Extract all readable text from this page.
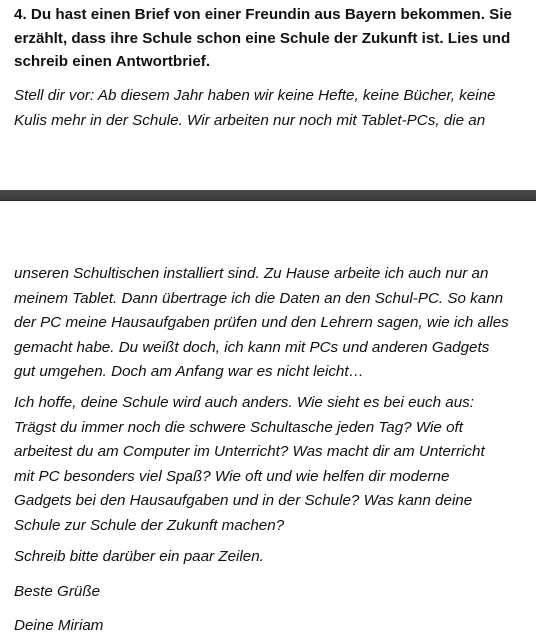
4. Du hast einen Brief von einer Freundin aus Bayern bekommen. Sie
erzählt, dass ihre Schule schon eine Schule der Zukunft ist. Lies und
schreib einen Antwortbrief.
Stell dir vor: Ab diesem Jahr haben wir keine Hefte, keine Bücher, keine
Kulis mehr in der Schule. Wir arbeiten nur noch mit Tablet-PCs, die an
unseren Schultischen installiert sind. Zu Hause arbeite ich auch nur an
meinem Tablet. Dann übertrage ich die Daten an den Schul-PC. So kann
der PC meine Hausaufgaben prüfen und den Lehrern sagen, wie ich alles
gemacht habe. Du weißt doch, ich kann mit PCs und anderen Gadgets
gut umgehen. Doch am Anfang war es nicht leicht…
Ich hoffe, deine Schule wird auch anders. Wie sieht es bei euch aus:
Trägst du immer noch die schwere Schultasche jeden Tag? Wie oft
arbeitest du am Computer im Unterricht? Was macht dir am Unterricht
mit PC besonders viel Spaß? Wie oft und wie helfen dir moderne
Gadgets bei den Hausaufgaben und in der Schule? Was kann deine
Schule zur Schule der Zukunft machen?
Schreib bitte darüber ein paar Zeilen.
Beste Grüße
Deine Miriam
